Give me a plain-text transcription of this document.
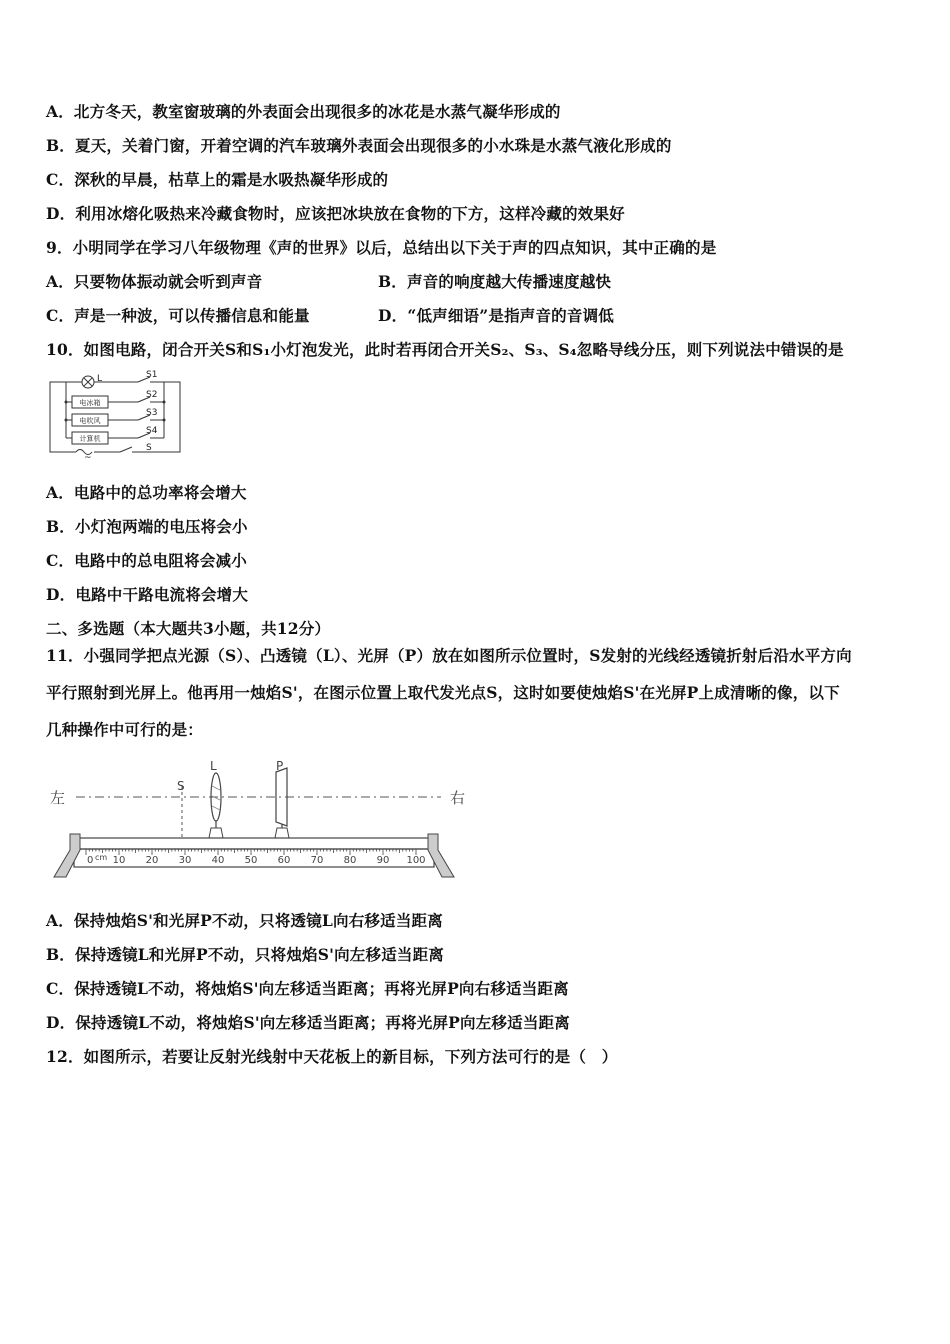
A．北方冬天，教室窗玻璃的外表面会出现很多的冰花是水蒸气凝华形成的
B．夏天，关着门窗，开着空调的汽车玻璃外表面会出现很多的小水珠是水蒸气液化形成的
C．深秋的早晨，枯草上的霜是水吸热凝华形成的
D．利用冰熔化吸热来冷藏食物时，应该把冰块放在食物的下方，这样冷藏的效果好
9．小明同学在学习八年级物理《声的世界》以后，总结出以下关于声的四点知识，其中正确的是
A．只要物体振动就会听到声音	B．声音的响度越大传播速度越快
C．声是一种波，可以传播信息和能量	D．“低声细语”是指声音的音调低
10．如图电路，闭合开关S和S₁小灯泡发光，此时若再闭合开关S₂、S₃、S₄忽略导线分压，则下列说法中错误的是
L	S1
S2
S3
S4
S
电冰箱
电吹风
计算机
~
A．电路中的总功率将会增大
B．小灯泡两端的电压将会小
C．电路中的总电阻将会减小
D．电路中干路电流将会增大
二、多选题（本大题共3小题，共12分）
11．小强同学把点光源（S）、凸透镜（L）、光屏（P）放在如图所示位置时，S发射的光线经透镜折射后沿水平方向
平行照射到光屏上。他再用一烛焰S'，在图示位置上取代发光点S，这时如要使烛焰S'在光屏P上成清晰的像，以下
几种操作中可行的是：
左	右
S
L	P
10 20 30 40 50 60 70 80 90 100
0 cm
A．保持烛焰S'和光屏P不动，只将透镜L向右移适当距离
B．保持透镜L和光屏P不动，只将烛焰S'向左移适当距离
C．保持透镜L不动，将烛焰S'向左移适当距离；再将光屏P向右移适当距离
D．保持透镜L不动，将烛焰S'向左移适当距离；再将光屏P向左移适当距离
12．如图所示，若要让反射光线射中天花板上的新目标，下列方法可行的是（　）
